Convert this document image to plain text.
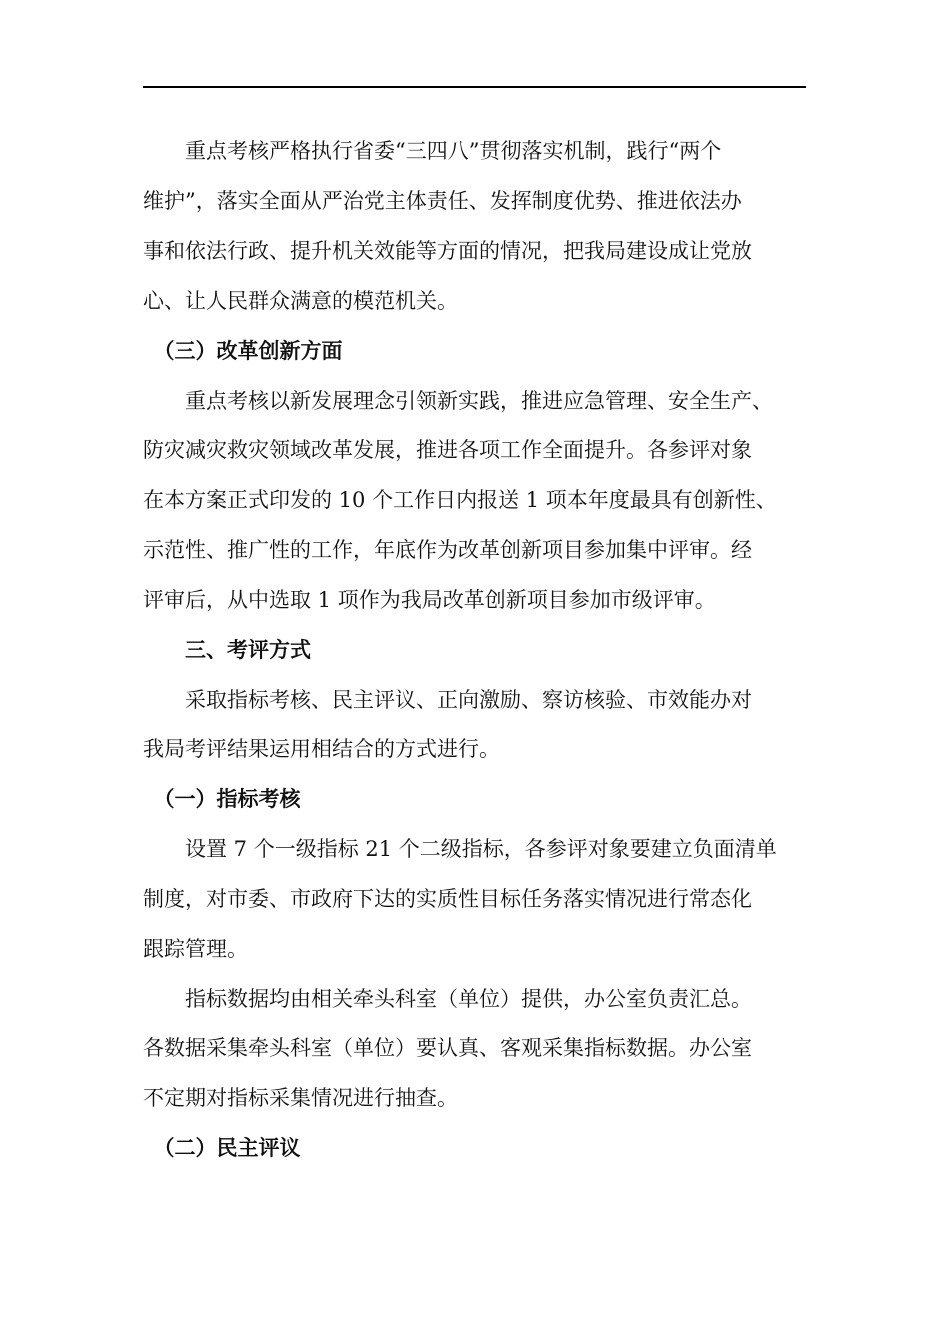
　　重点考核严格执行省委“三四八”贯彻落实机制，践行“两个
维护”，落实全面从严治党主体责任、发挥制度优势、推进依法办
事和依法行政、提升机关效能等方面的情况，把我局建设成让党放
心、让人民群众满意的模范机关。
　（三）改革创新方面
　　重点考核以新发展理念引领新实践，推进应急管理、安全生产、
防灾减灾救灾领域改革发展，推进各项工作全面提升。各参评对象
在本方案正式印发的 10 个工作日内报送 1 项本年度最具有创新性、
示范性、推广性的工作，年底作为改革创新项目参加集中评审。经
评审后，从中选取 1 项作为我局改革创新项目参加市级评审。
　　三、考评方式
　　采取指标考核、民主评议、正向激励、察访核验、市效能办对
我局考评结果运用相结合的方式进行。
　（一）指标考核
　　设置 7 个一级指标 21 个二级指标，各参评对象要建立负面清单
制度，对市委、市政府下达的实质性目标任务落实情况进行常态化
跟踪管理。
　　指标数据均由相关牵头科室（单位）提供，办公室负责汇总。
各数据采集牵头科室（单位）要认真、客观采集指标数据。办公室
不定期对指标采集情况进行抽查。
　（二）民主评议
